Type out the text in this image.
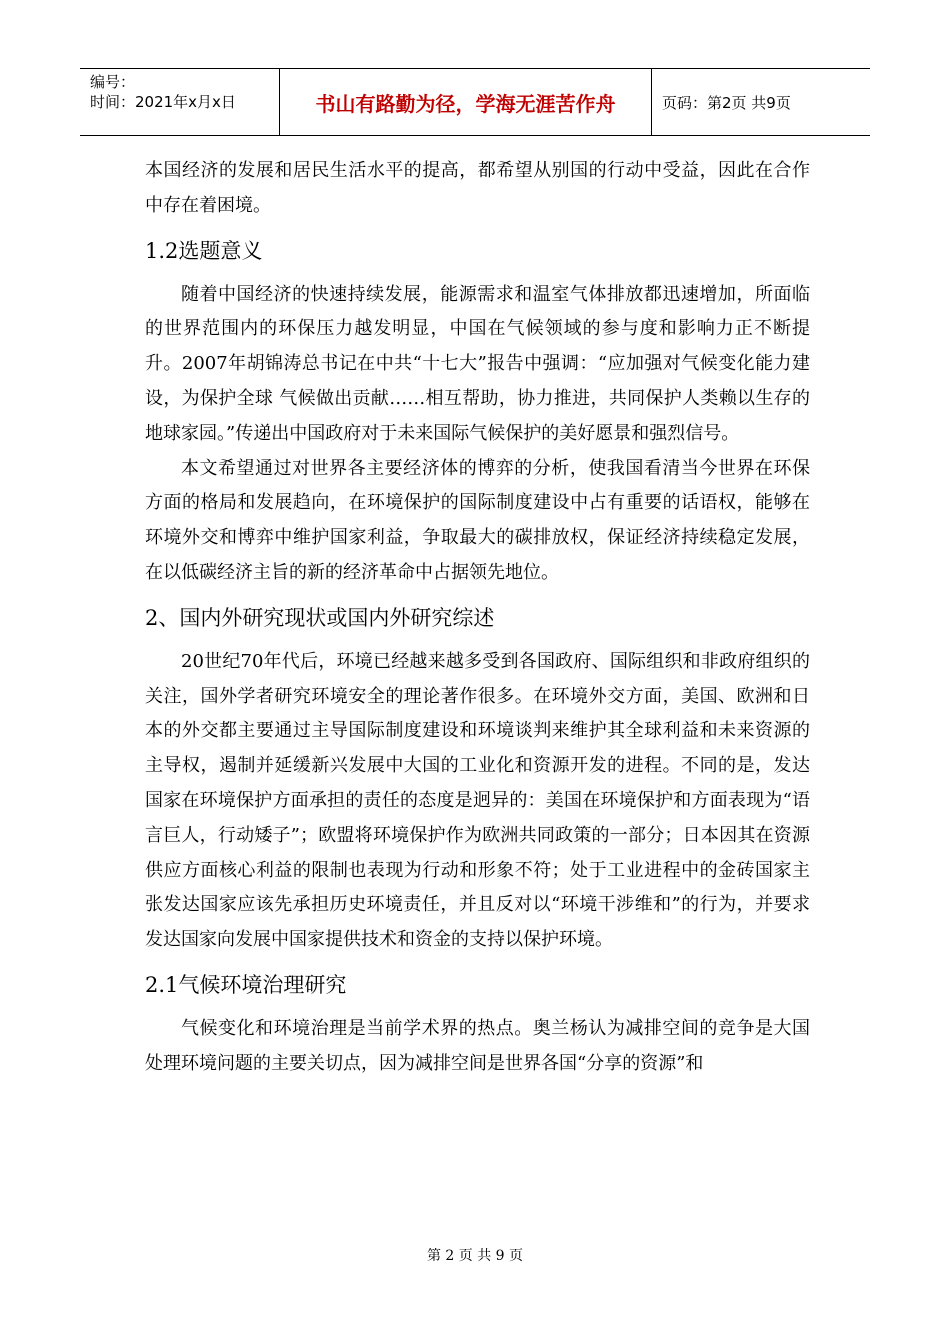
编号：
时间：2021年x月x日	书山有路勤为径，学海无涯苦作舟	页码：第2页 共9页

本国经济的发展和居民生活水平的提高，都希望从别国的行动中受益，因此在合作中存在着困境。

1.2选题意义

随着中国经济的快速持续发展，能源需求和温室气体排放都迅速增加，所面临的世界范围内的环保压力越发明显，中国在气候领域的参与度和影响力正不断提升。2007年胡锦涛总书记在中共“十七大”报告中强调：“应加强对气候变化能力建设，为保护全球 气候做出贡献……相互帮助，协力推进，共同保护人类赖以生存的地球家园。”传递出中国政府对于未来国际气候保护的美好愿景和强烈信号。

本文希望通过对世界各主要经济体的博弈的分析，使我国看清当今世界在环保方面的格局和发展趋向，在环境保护的国际制度建设中占有重要的话语权，能够在环境外交和博弈中维护国家利益，争取最大的碳排放权，保证经济持续稳定发展，在以低碳经济主旨的新的经济革命中占据领先地位。

2、国内外研究现状或国内外研究综述

20世纪70年代后，环境已经越来越多受到各国政府、国际组织和非政府组织的关注，国外学者研究环境安全的理论著作很多。在环境外交方面，美国、欧洲和日本的外交都主要通过主导国际制度建设和环境谈判来维护其全球利益和未来资源的主导权，遏制并延缓新兴发展中大国的工业化和资源开发的进程。不同的是，发达国家在环境保护方面承担的责任的态度是迥异的：美国在环境保护和方面表现为“语言巨人，行动矮子”；欧盟将环境保护作为欧洲共同政策的一部分；日本因其在资源供应方面核心利益的限制也表现为行动和形象不符；处于工业进程中的金砖国家主张发达国家应该先承担历史环境责任，并且反对以“环境干涉维和”的行为，并要求发达国家向发展中国家提供技术和资金的支持以保护环境。

2.1气候环境治理研究

气候变化和环境治理是当前学术界的热点。奥兰杨认为减排空间的竞争是大国处理环境问题的主要关切点，因为减排空间是世界各国“分享的资源”和

第 2 页 共 9 页
